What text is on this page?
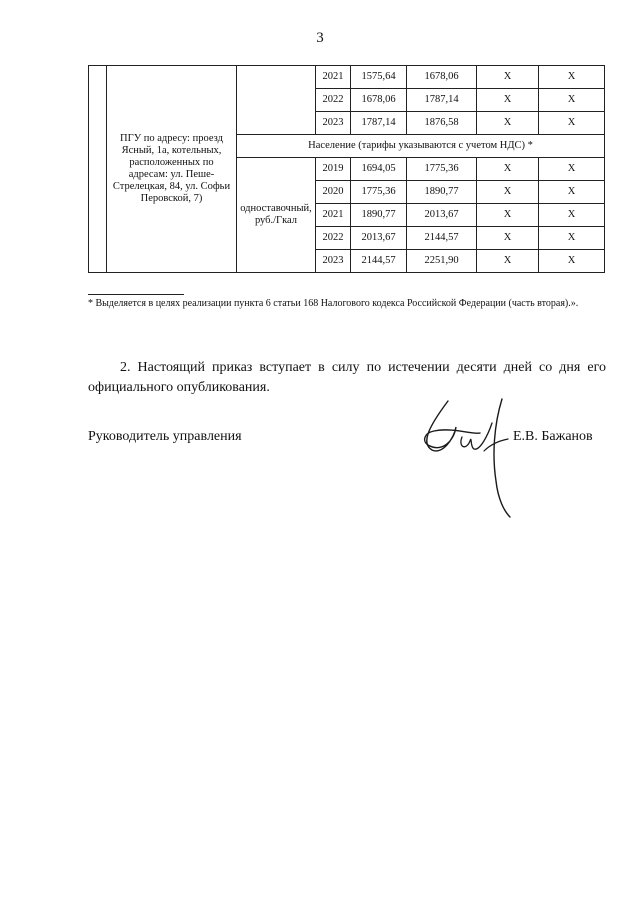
3
	ПГУ по адресу: проезд Ясный, 1а, котельных, расположенных по адресам: ул. Пеше-Стрелецкая, 84, ул. Софьи Перовской, 7)		2021	1575,64	1678,06	X	X
			2022	1678,06	1787,14	X	X
			2023	1787,14	1876,58	X	X
		Население (тарифы указываются с учетом НДС) *					
		одноставочный, руб./Гкал	2019	1694,05	1775,36	X	X
			2020	1775,36	1890,77	X	X
			2021	1890,77	2013,67	X	X
			2022	2013,67	2144,57	X	X
			2023	2144,57	2251,90	X	X
* Выделяется в целях реализации пункта 6 статьи 168 Налогового кодекса Российской Федерации (часть вторая).».
2. Настоящий приказ вступает в силу по истечении десяти дней со дня его официального опубликования.
Руководитель управления	Е.В. Бажанов
